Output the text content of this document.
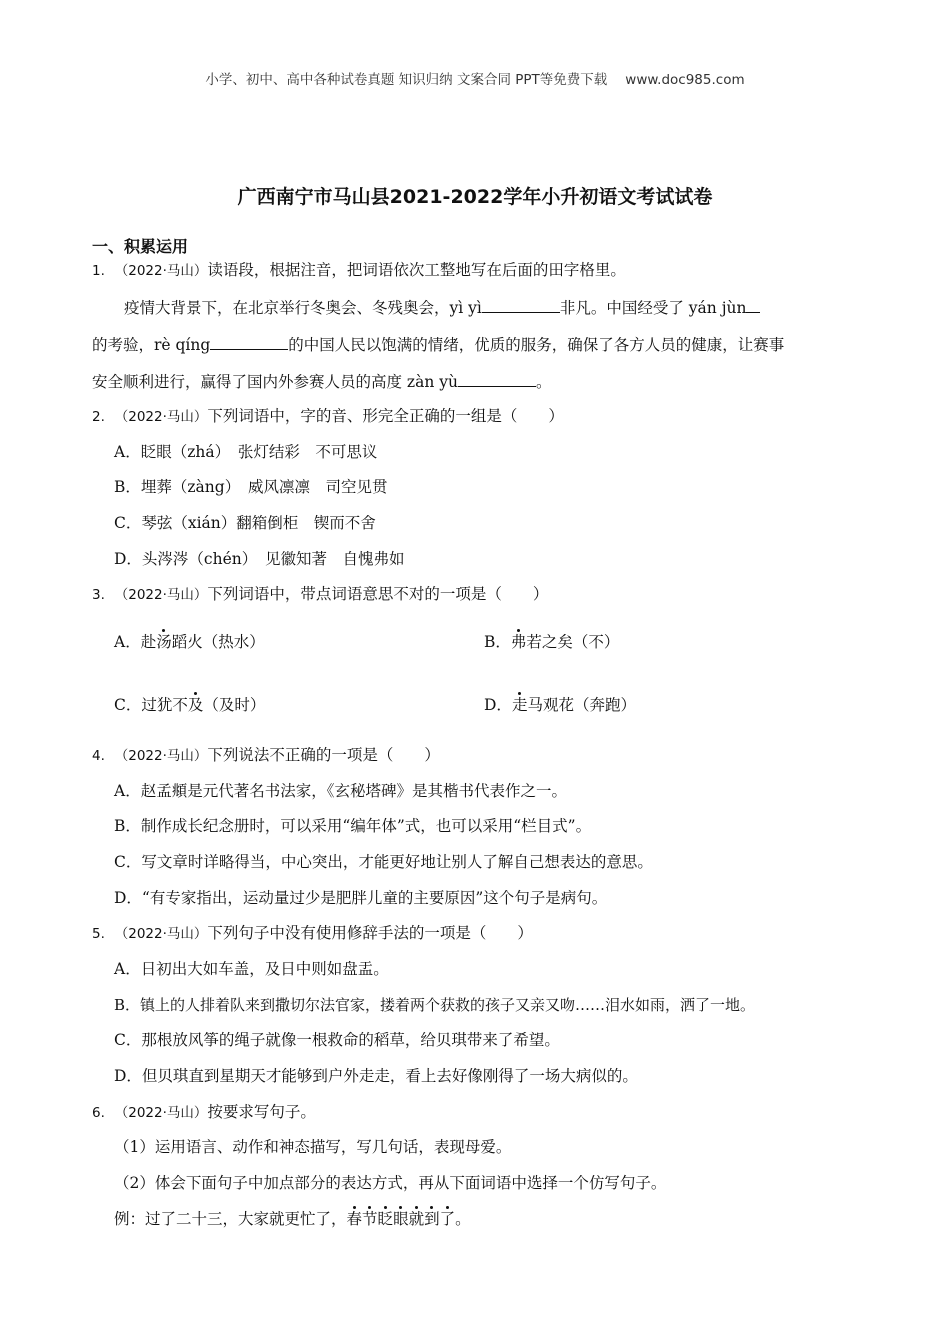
小学、初中、高中各种试卷真题 知识归纳 文案合同 PPT等免费下载 www.doc985.com
广西南宁市马山县2021-2022学年小升初语文考试试卷
一、积累运用
1. （2022·马山）读语段，根据注音，把词语依次工整地写在后面的田字格里。
疫情大背景下，在北京举行冬奥会、冬残奥会，yì yì	非凡。中国经受了 yán jùn
的考验，rè qíng	的中国人民以饱满的情绪，优质的服务，确保了各方人员的健康，让赛事
安全顺利进行，赢得了国内外参赛人员的高度 zàn yù	。
2. （2022·马山）下列词语中，字的音、形完全正确的一组是（　　）
A．眨眼（zhá）　张灯结彩　不可思议
B．埋葬（zàng）　威风凛凛　司空见贯
C．琴弦（xián）翻箱倒柜　锲而不舍
D．头涔涔（chén）　见徽知著　自愧弗如
3. （2022·马山）下列词语中，带点词语意思不对的一项是（　　）
A．赴汤蹈火（热水）	B．弗若之矣（不）
C．过犹不及（及时）	D．走马观花（奔跑）
4. （2022·马山）下列说法不正确的一项是（　　）
A．赵孟頫是元代著名书法家，《玄秘塔碑》是其楷书代表作之一。
B．制作成长纪念册时，可以采用“编年体”式，也可以采用“栏目式”。
C．写文章时详略得当，中心突出，才能更好地让别人了解自己想表达的意思。
D．“有专家指出，运动量过少是肥胖儿童的主要原因”这个句子是病句。
5. （2022·马山）下列句子中没有使用修辞手法的一项是（　　）
A．日初出大如车盖，及日中则如盘盂。
B．镇上的人排着队来到撒切尔法官家，搂着两个获救的孩子又亲又吻……泪水如雨，洒了一地。
C．那根放风筝的绳子就像一根救命的稻草，给贝琪带来了希望。
D．但贝琪直到星期天才能够到户外走走，看上去好像刚得了一场大病似的。
6. （2022·马山）按要求写句子。
（1）运用语言、动作和神态描写，写几句话，表现母爱。
（2）体会下面句子中加点部分的表达方式，再从下面词语中选择一个仿写句子。
例：过了二十三，大家就更忙了，春节眨眼就到了。
